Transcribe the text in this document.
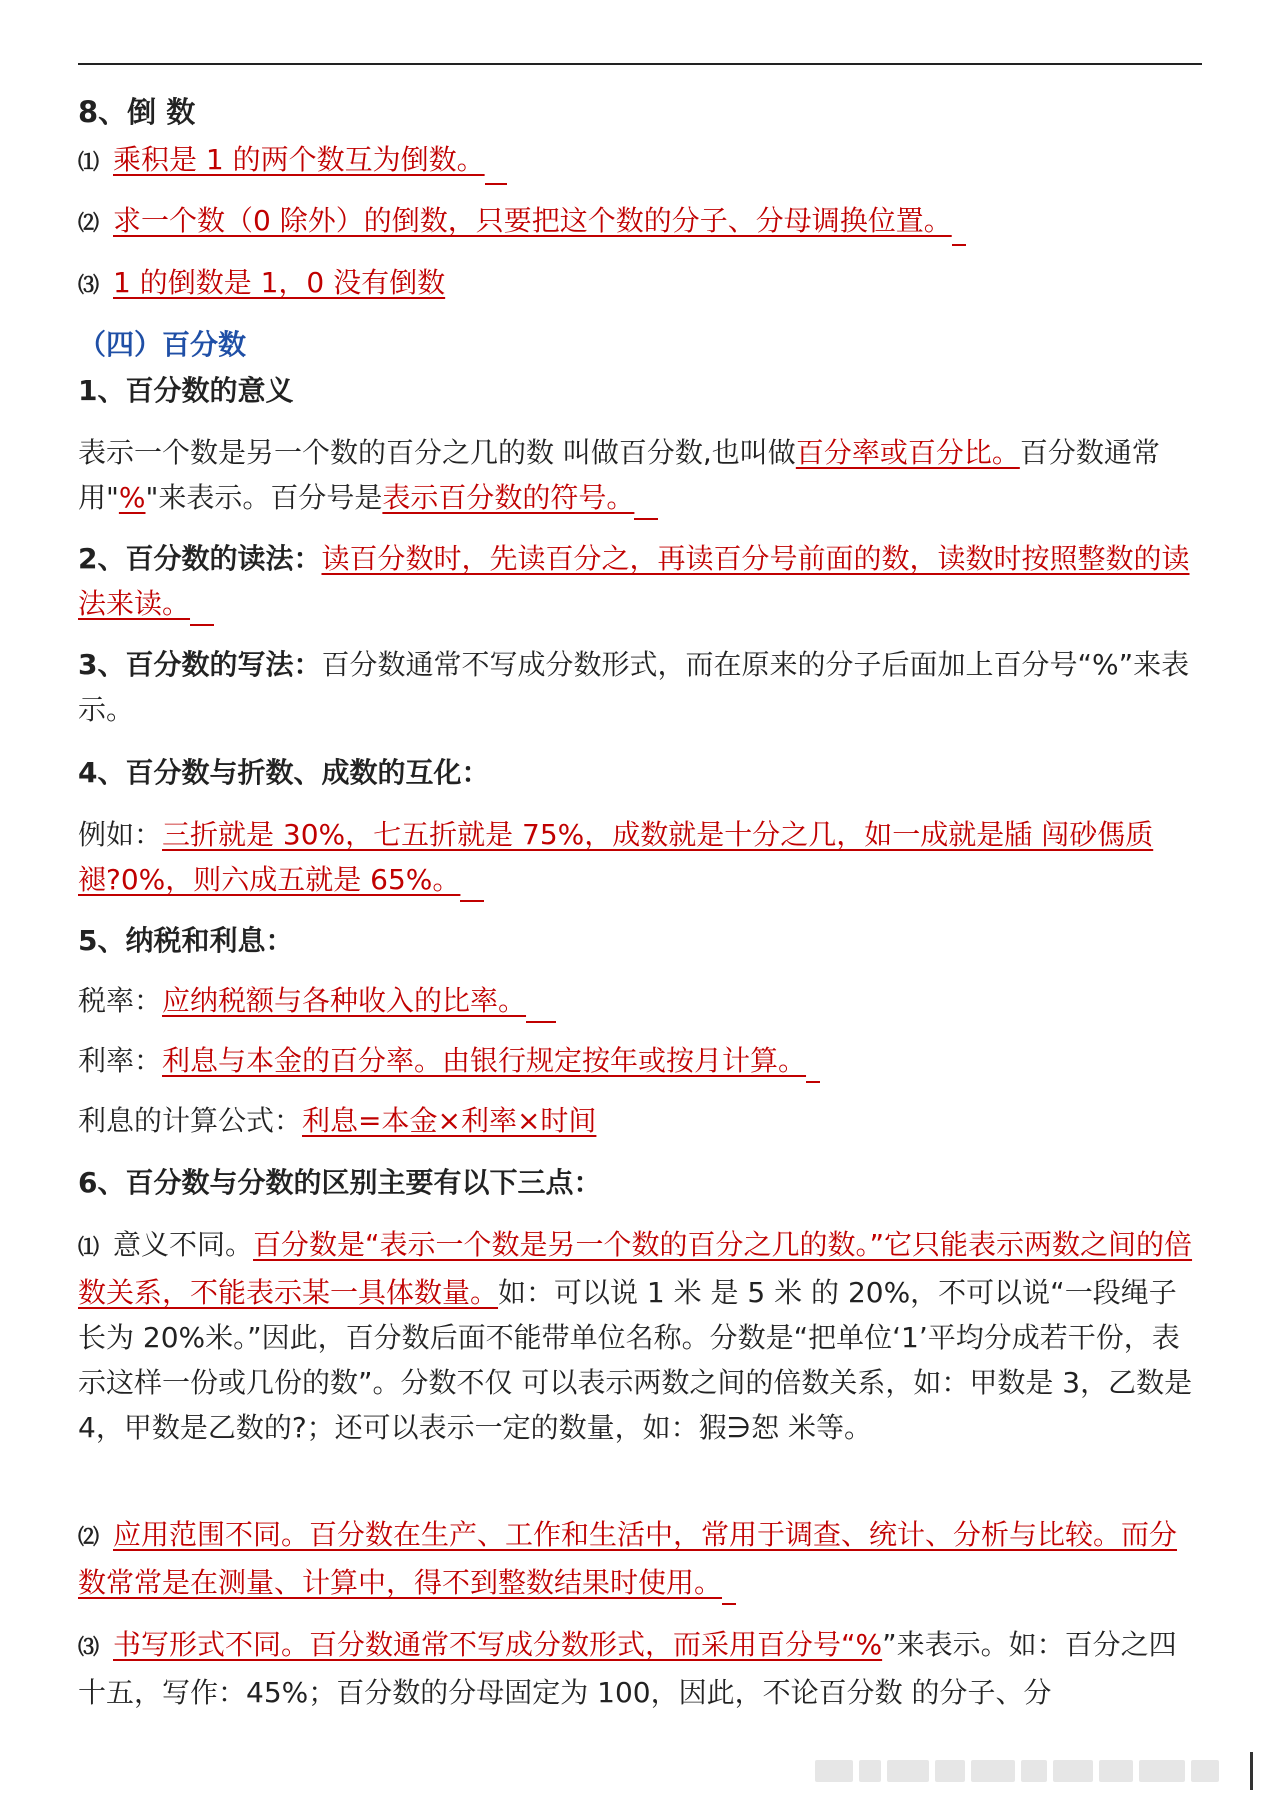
8、倒 数
⑴ 乘积是 1 的两个数互为倒数。
⑵ 求一个数（0 除外）的倒数，只要把这个数的分子、分母调换位置。
⑶ 1 的倒数是 1，0 没有倒数
（四）百分数
1、百分数的意义
表示一个数是另一个数的百分之几的数 叫做百分数,也叫做百分率或百分比。百分数通常用"%"来表示。百分号是表示百分数的符号。
2、百分数的读法：读百分数时，先读百分之，再读百分号前面的数，读数时按照整数的读法来读。
3、百分数的写法：百分数通常不写成分数形式，而在原来的分子后面加上百分号“%”来表示。
4、百分数与折数、成数的互化：
例如：三折就是 30%，七五折就是 75%，成数就是十分之几，如一成就是牐 闯砂傌质 褪?0%，则六成五就是 65%。
5、纳税和利息：
税率：应纳税额与各种收入的比率。
利率：利息与本金的百分率。由银行规定按年或按月计算。
利息的计算公式：利息=本金×利率×时间
6、百分数与分数的区别主要有以下三点：
⑴ 意义不同。百分数是“表示一个数是另一个数的百分之几的数。”它只能表示两数之间的倍数关系，不能表示某一具体数量。如：可以说 1 米 是 5 米 的 20%，不可以说“一段绳子长为 20%米。”因此，百分数后面不能带单位名称。分数是“把单位‘1’平均分成若干份，表示这样一份或几份的数”。分数不仅 可以表示两数之间的倍数关系，如：甲数是 3，乙数是 4，甲数是乙数的?；还可以表示一定的数量，如：猳∋恕 米等。
⑵ 应用范围不同。百分数在生产、工作和生活中，常用于调查、统计、分析与比较。而分数常常是在测量、计算中，得不到整数结果时使用。
⑶ 书写形式不同。百分数通常不写成分数形式，而采用百分号“%”来表示。如：百分之四十五，写作：45%；百分数的分母固定为 100，因此，不论百分数 的分子、分
